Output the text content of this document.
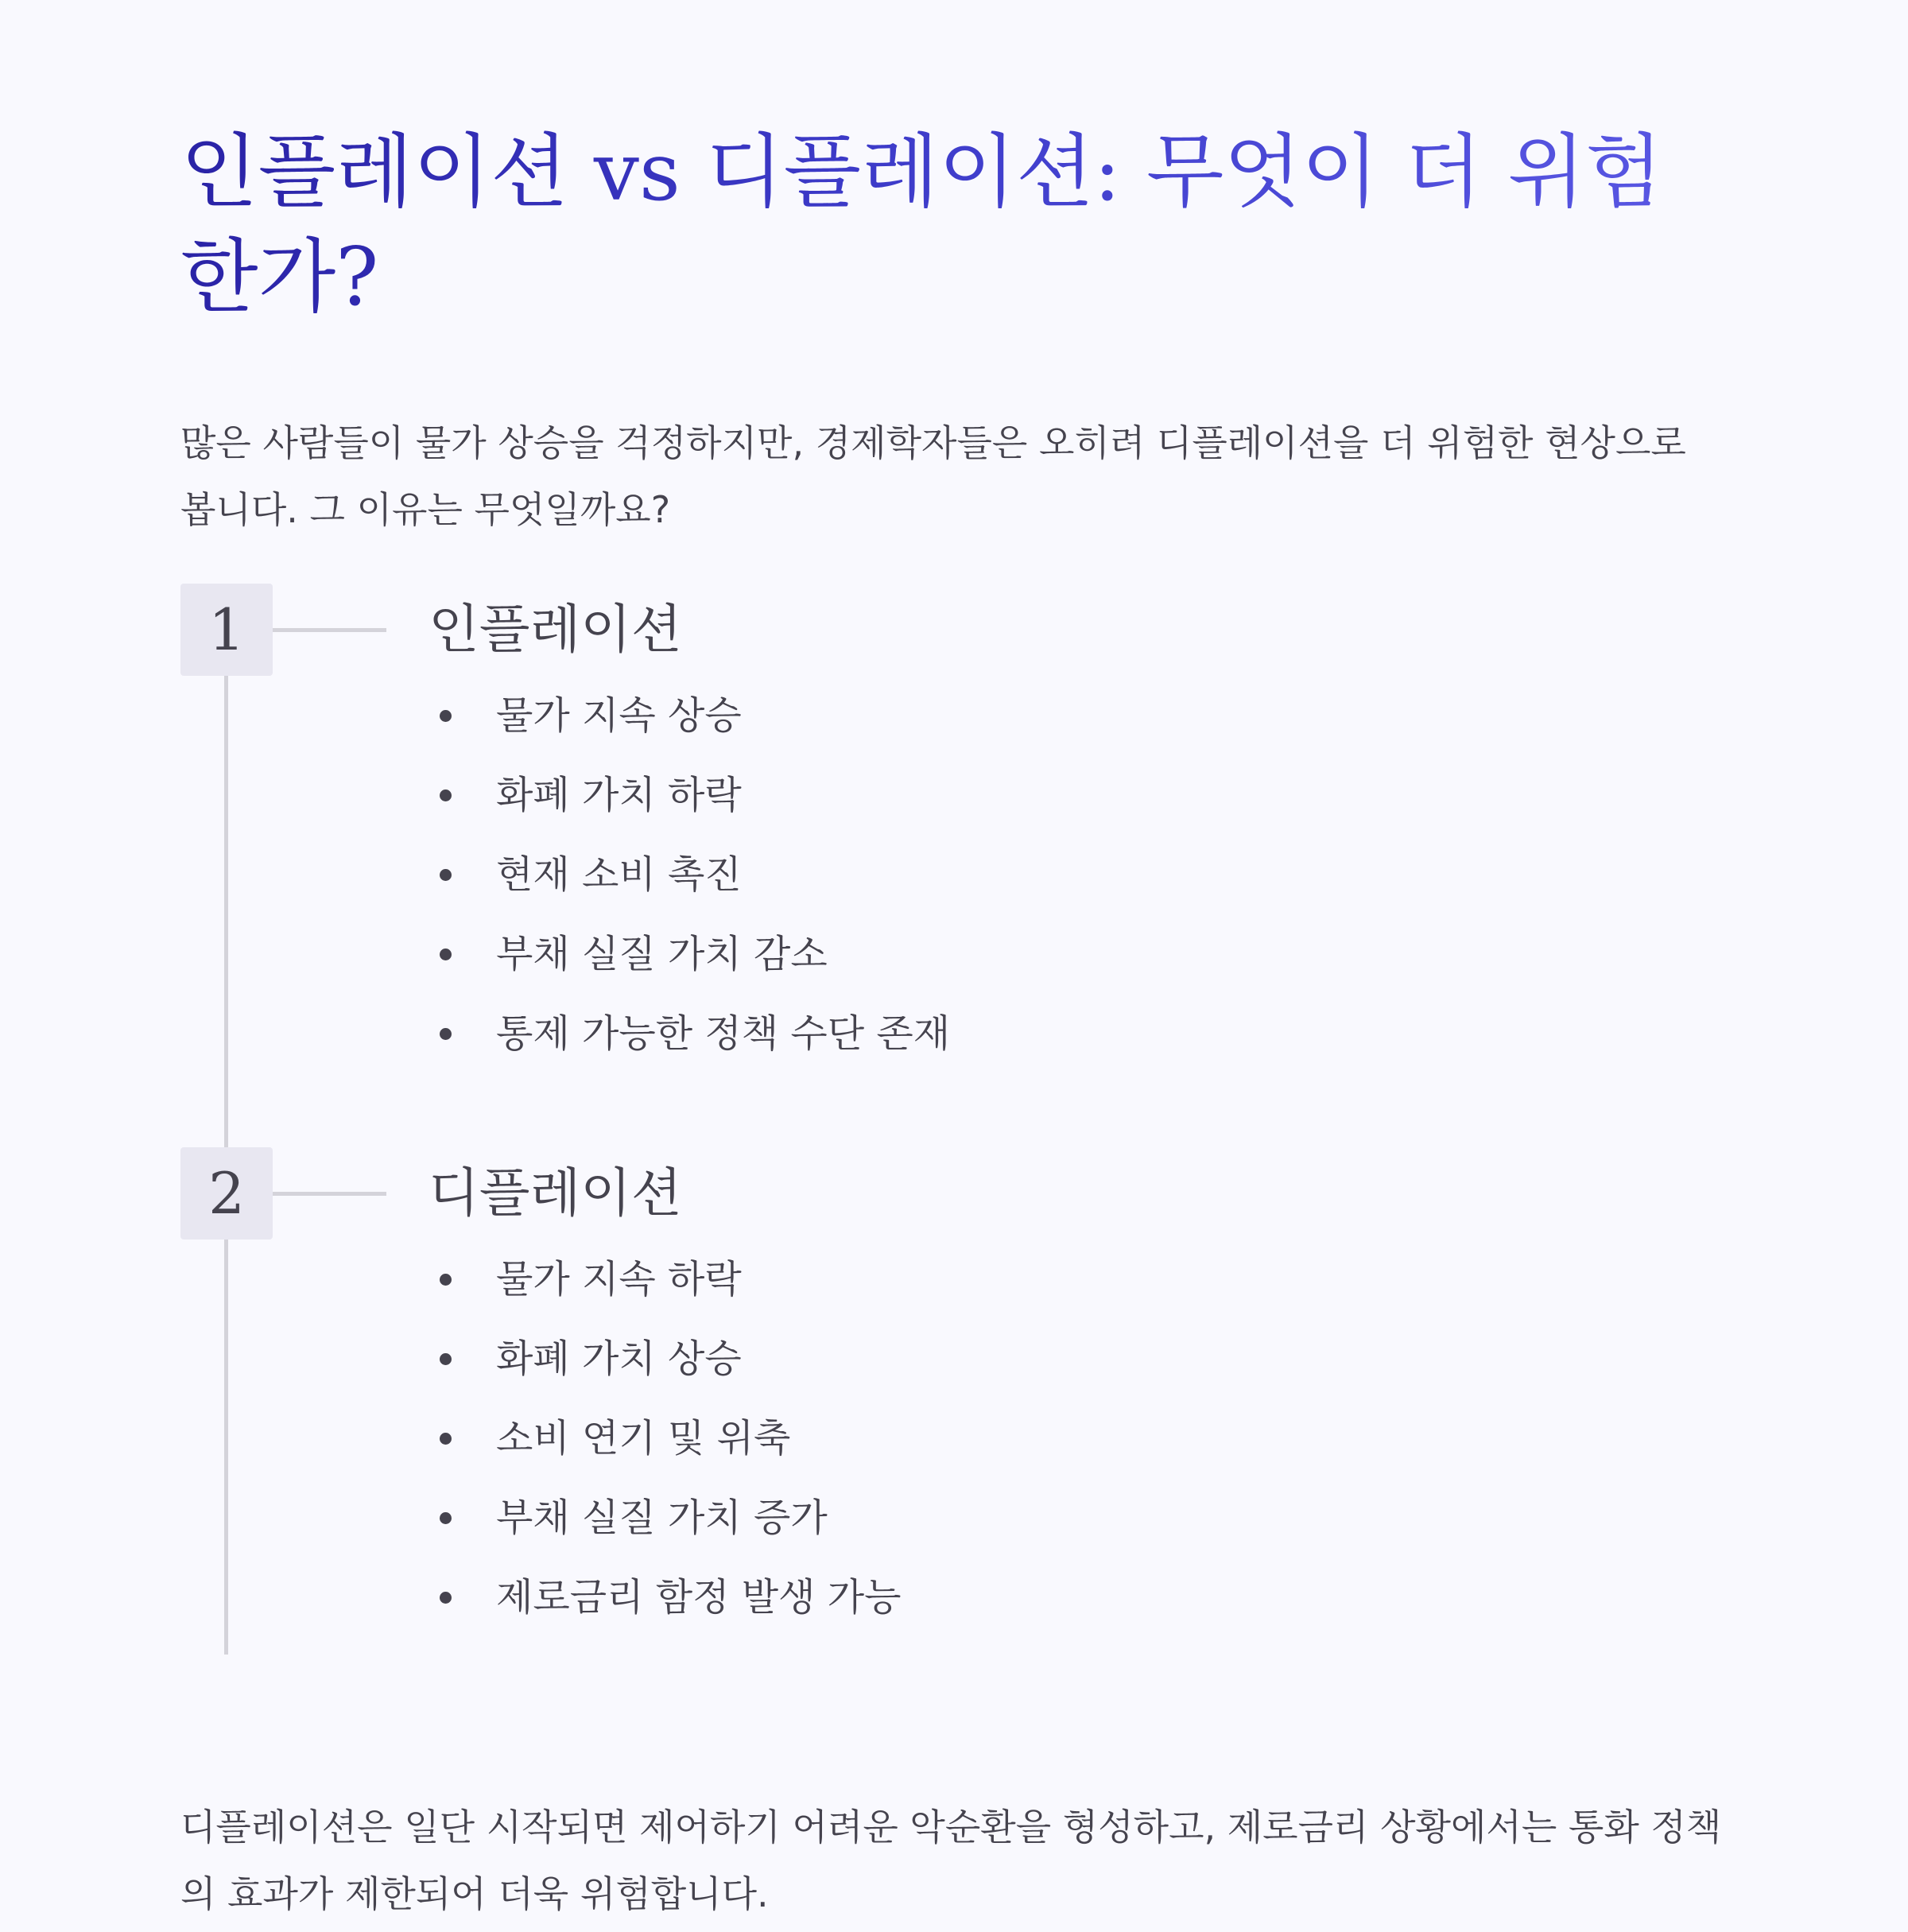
인플레이션 vs 디플레이션: 무엇이 더 위험한가?

많은 사람들이 물가 상승을 걱정하지만, 경제학자들은 오히려 디플레이션을 더 위험한 현상으로 봅니다. 그 이유는 무엇일까요?

1	인플레이션
물가 지속 상승
화폐 가치 하락
현재 소비 촉진
부채 실질 가치 감소
통제 가능한 정책 수단 존재
2	디플레이션
물가 지속 하락
화폐 가치 상승
소비 연기 및 위축
부채 실질 가치 증가
제로금리 함정 발생 가능

디플레이션은 일단 시작되면 제어하기 어려운 악순환을 형성하고, 제로금리 상황에서는 통화 정책의 효과가 제한되어 더욱 위험합니다.
